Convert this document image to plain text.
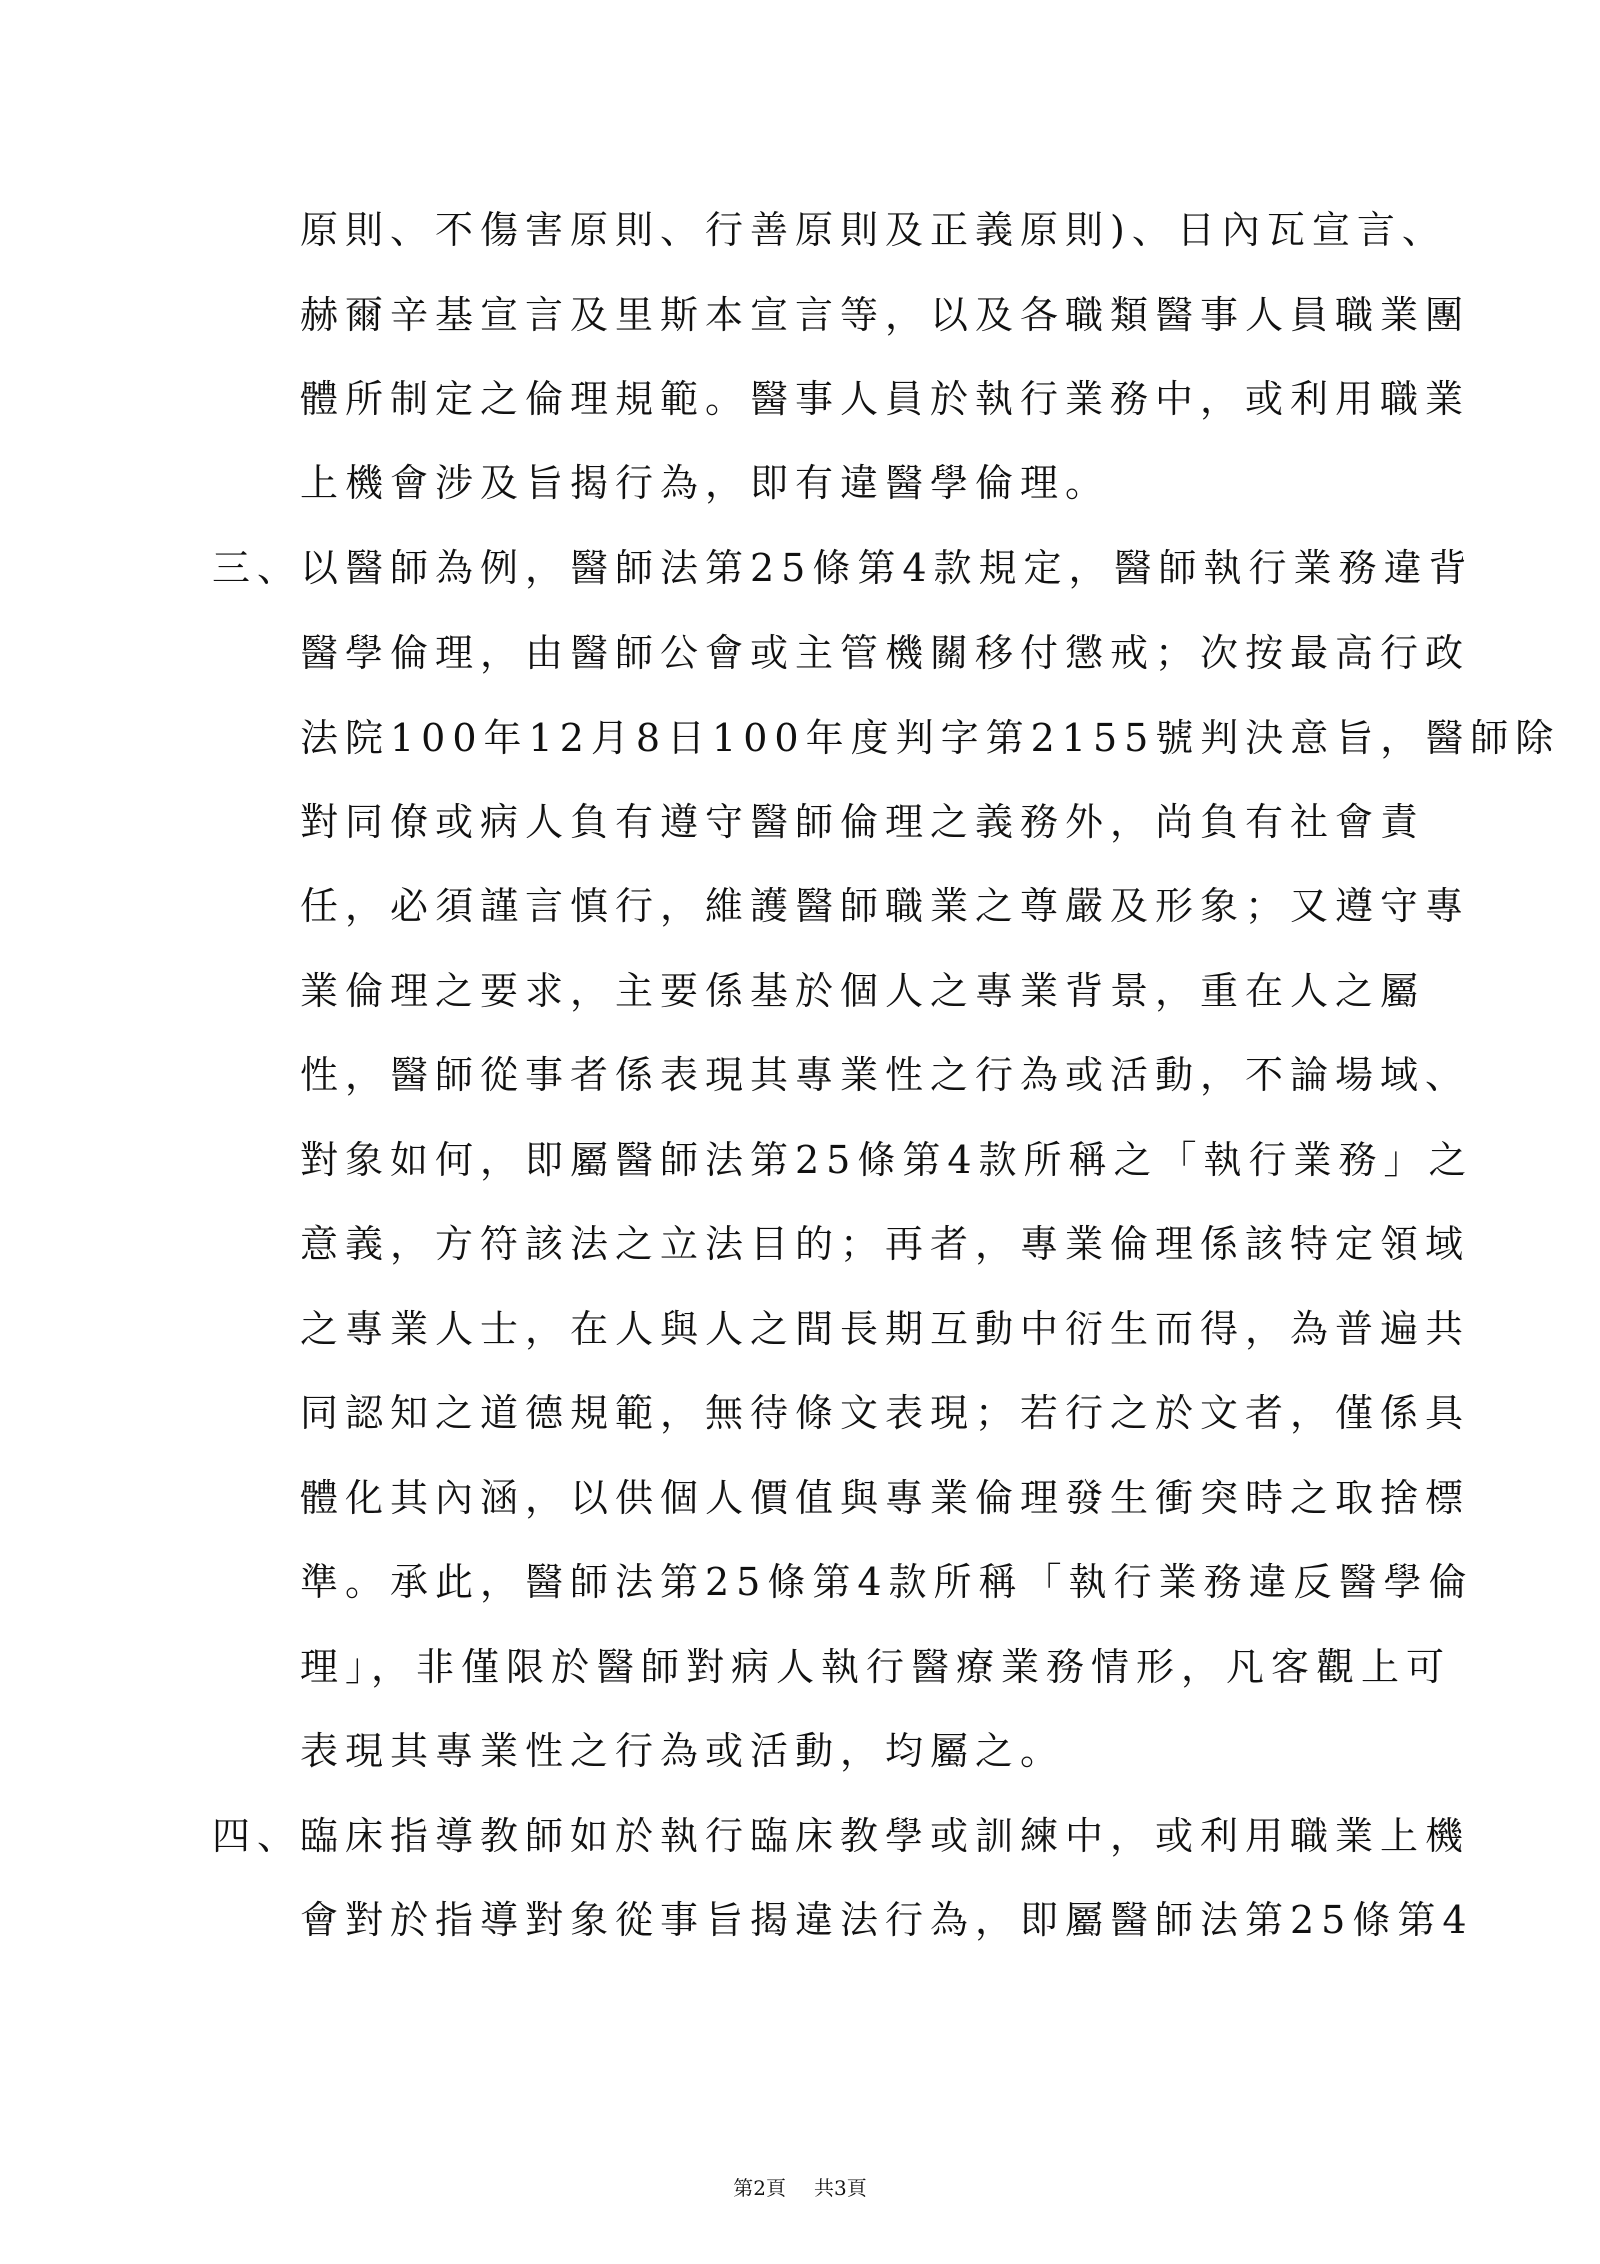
原則、不傷害原則、行善原則及正義原則)、日內瓦宣言、
赫爾辛基宣言及里斯本宣言等，以及各職類醫事人員職業團
體所制定之倫理規範。醫事人員於執行業務中，或利用職業
上機會涉及旨揭行為，即有違醫學倫理。
三、
以醫師為例，醫師法第25條第4款規定，醫師執行業務違背
醫學倫理，由醫師公會或主管機關移付懲戒；次按最高行政
法院100年12月8日100年度判字第2155號判決意旨，醫師除
對同僚或病人負有遵守醫師倫理之義務外，尚負有社會責
任，必須謹言慎行，維護醫師職業之尊嚴及形象；又遵守專
業倫理之要求，主要係基於個人之專業背景，重在人之屬
性，醫師從事者係表現其專業性之行為或活動，不論場域、
對象如何，即屬醫師法第25條第4款所稱之「執行業務」之
意義，方符該法之立法目的；再者，專業倫理係該特定領域
之專業人士，在人與人之間長期互動中衍生而得，為普遍共
同認知之道德規範，無待條文表現；若行之於文者，僅係具
體化其內涵，以供個人價值與專業倫理發生衝突時之取捨標
準。承此，醫師法第25條第4款所稱「執行業務違反醫學倫
理」，非僅限於醫師對病人執行醫療業務情形，凡客觀上可
表現其專業性之行為或活動，均屬之。
四、
臨床指導教師如於執行臨床教學或訓練中，或利用職業上機
會對於指導對象從事旨揭違法行為，即屬醫師法第25條第4
第2頁 共3頁
